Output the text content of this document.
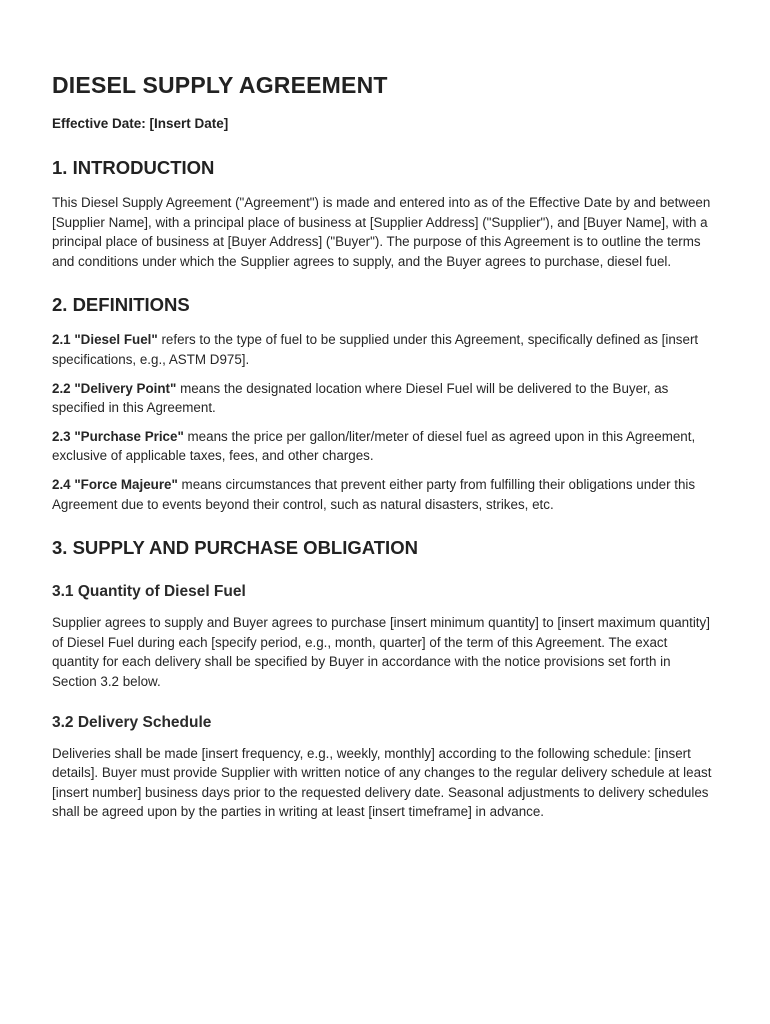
DIESEL SUPPLY AGREEMENT
Effective Date: [Insert Date]
1. INTRODUCTION

This Diesel Supply Agreement ("Agreement") is made and entered into as of the Effective Date by and between [Supplier Name], with a principal place of business at [Supplier Address] ("Supplier"), and [Buyer Name], with a principal place of business at [Buyer Address] ("Buyer"). The purpose of this Agreement is to outline the terms and conditions under which the Supplier agrees to supply, and the Buyer agrees to purchase, diesel fuel.

2. DEFINITIONS

2.1 "Diesel Fuel" refers to the type of fuel to be supplied under this Agreement, specifically defined as [insert specifications, e.g., ASTM D975].

2.2 "Delivery Point" means the designated location where Diesel Fuel will be delivered to the Buyer, as specified in this Agreement.

2.3 "Purchase Price" means the price per gallon/liter/meter of diesel fuel as agreed upon in this Agreement, exclusive of applicable taxes, fees, and other charges.

2.4 "Force Majeure" means circumstances that prevent either party from fulfilling their obligations under this Agreement due to events beyond their control, such as natural disasters, strikes, etc.

3. SUPPLY AND PURCHASE OBLIGATION
3.1 Quantity of Diesel Fuel

Supplier agrees to supply and Buyer agrees to purchase [insert minimum quantity] to [insert maximum quantity] of Diesel Fuel during each [specify period, e.g., month, quarter] of the term of this Agreement. The exact quantity for each delivery shall be specified by Buyer in accordance with the notice provisions set forth in Section 3.2 below.

3.2 Delivery Schedule

Deliveries shall be made [insert frequency, e.g., weekly, monthly] according to the following schedule: [insert details]. Buyer must provide Supplier with written notice of any changes to the regular delivery schedule at least [insert number] business days prior to the requested delivery date. Seasonal adjustments to delivery schedules shall be agreed upon by the parties in writing at least [insert timeframe] in advance.
